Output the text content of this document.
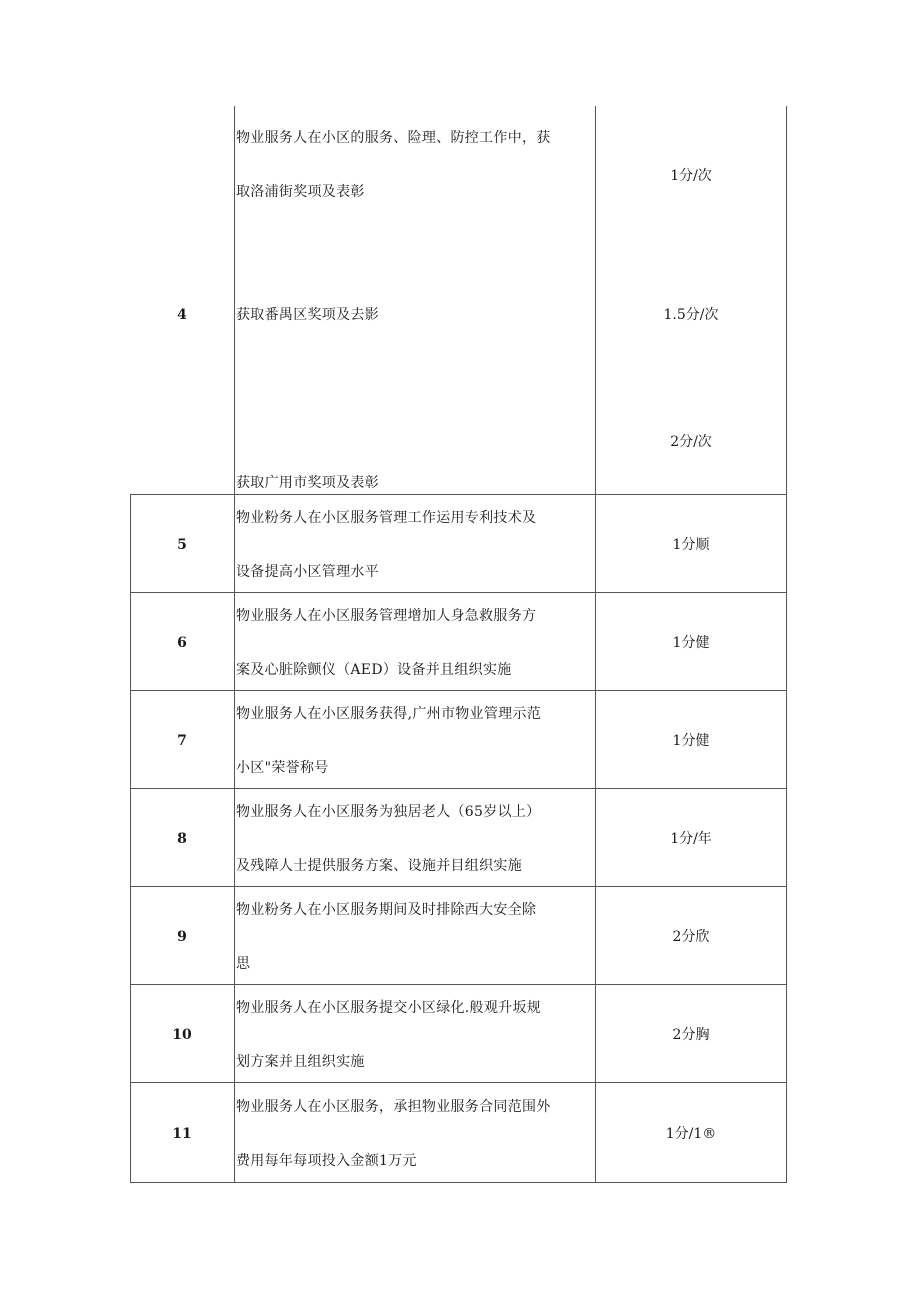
4
物业服务人在小区的服务、险理、防控工作中，获
取洛浦街奖项及表彰
1分/次
获取番禺区奖项及去影	1.5分/次
2分/次
获取广用市奖项及表彰
5
物业粉务人在小区服务管理工作运用专利技术及
设备提高小区管理水平
1分顺
6
物业服务人在小区服务管理增加人身急救服务方
案及心脏除颤仪（AED）设备并且组织实施
1分健
7
物业服务人在小区服务获得,广州市物业管理示范
小区"荣誉称号
1分健
8
物业服务人在小区服务为独居老人（65岁以上）
及残障人士提供服务方案、设施并目组织实施
1分/年
9
物业粉务人在小区服务期间及时排除西大安全除
思
2分欣
10
物业服务人在小区服务提交小区绿化.般观升坂规
划方案并且组织实施
2分胸
11
物业服务人在小区服务，承担物业服务合同范围外
费用每年每项投入金额1万元
1分/1®
